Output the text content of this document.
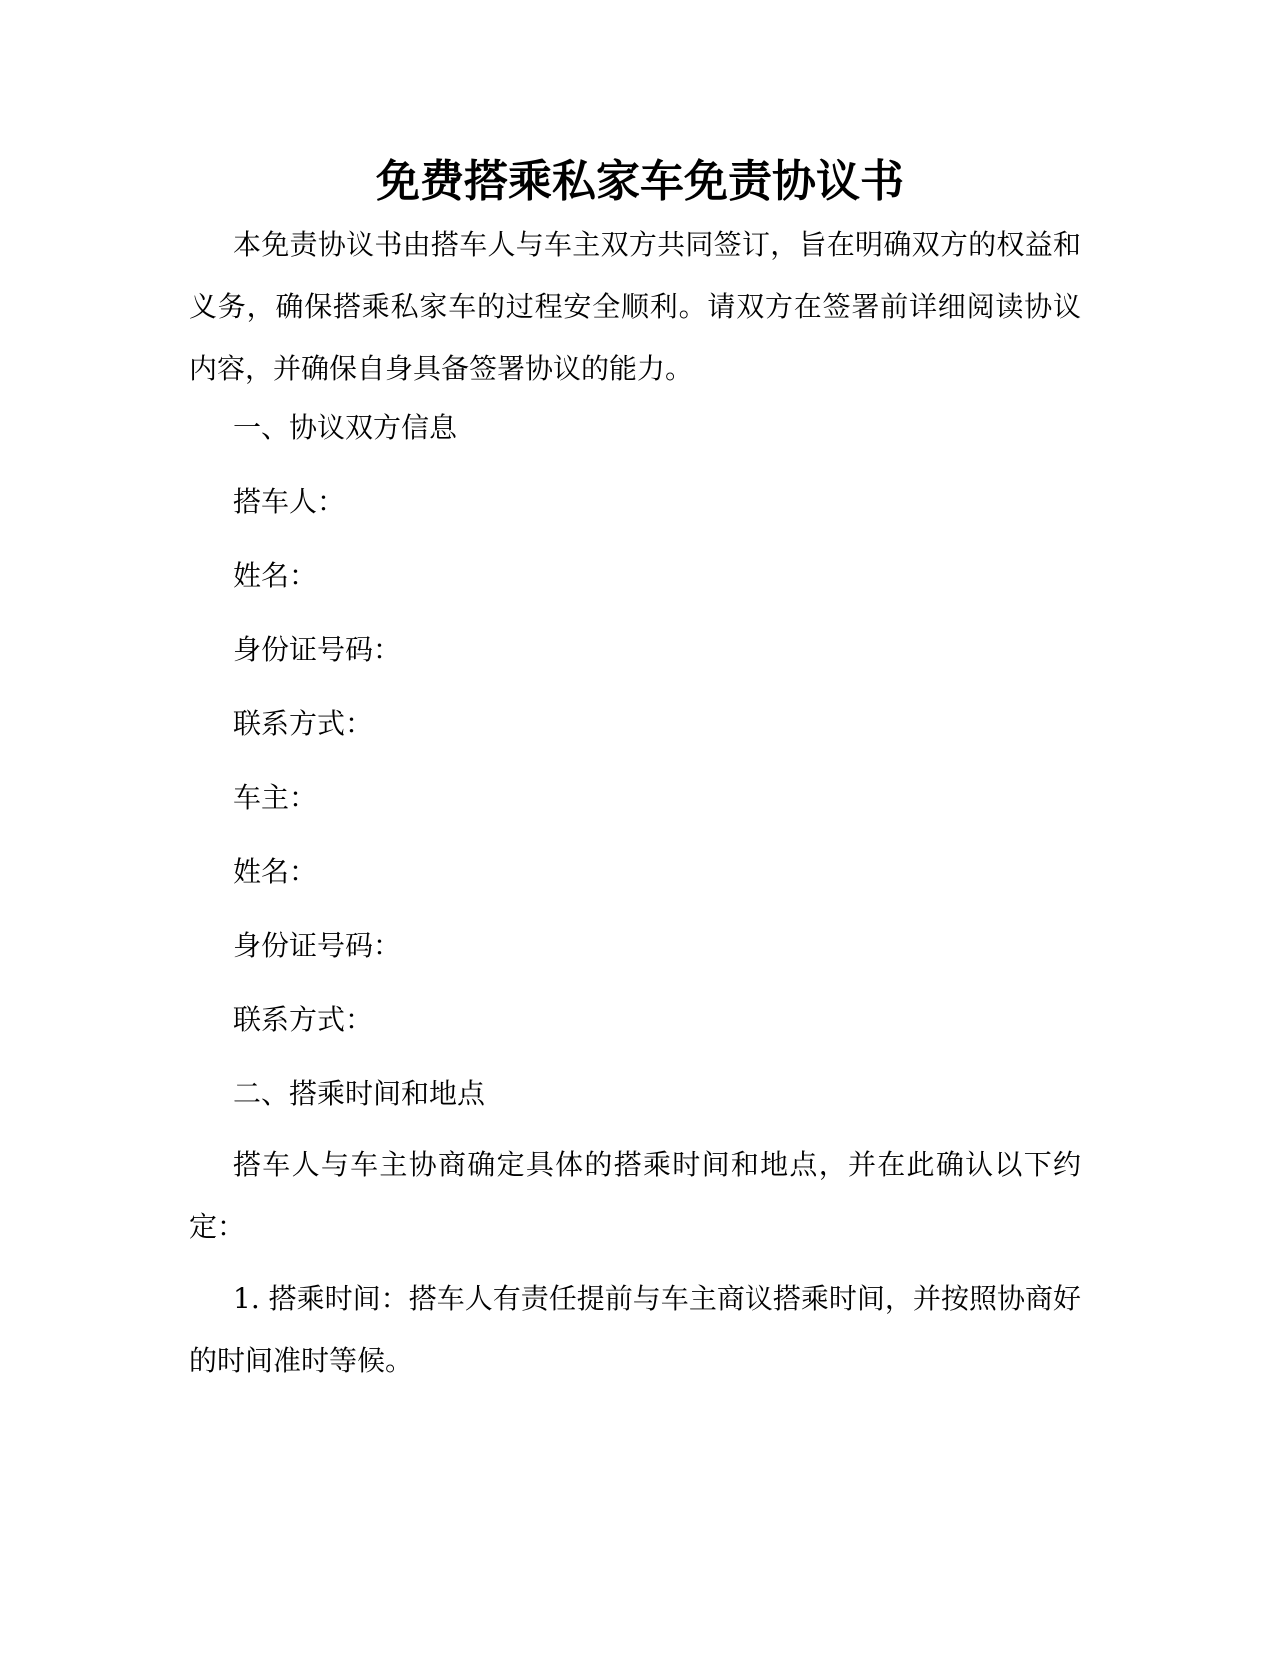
免费搭乘私家车免责协议书

本免责协议书由搭车人与车主双方共同签订，旨在明确双方的权益和义务，确保搭乘私家车的过程安全顺利。请双方在签署前详细阅读协议内容，并确保自身具备签署协议的能力。

一、协议双方信息

搭车人：

姓名：

身份证号码：

联系方式：

车主：

姓名：

身份证号码：

联系方式：

二、搭乘时间和地点

搭车人与车主协商确定具体的搭乘时间和地点，并在此确认以下约定：

1. 搭乘时间：搭车人有责任提前与车主商议搭乘时间，并按照协商好的时间准时等候。
